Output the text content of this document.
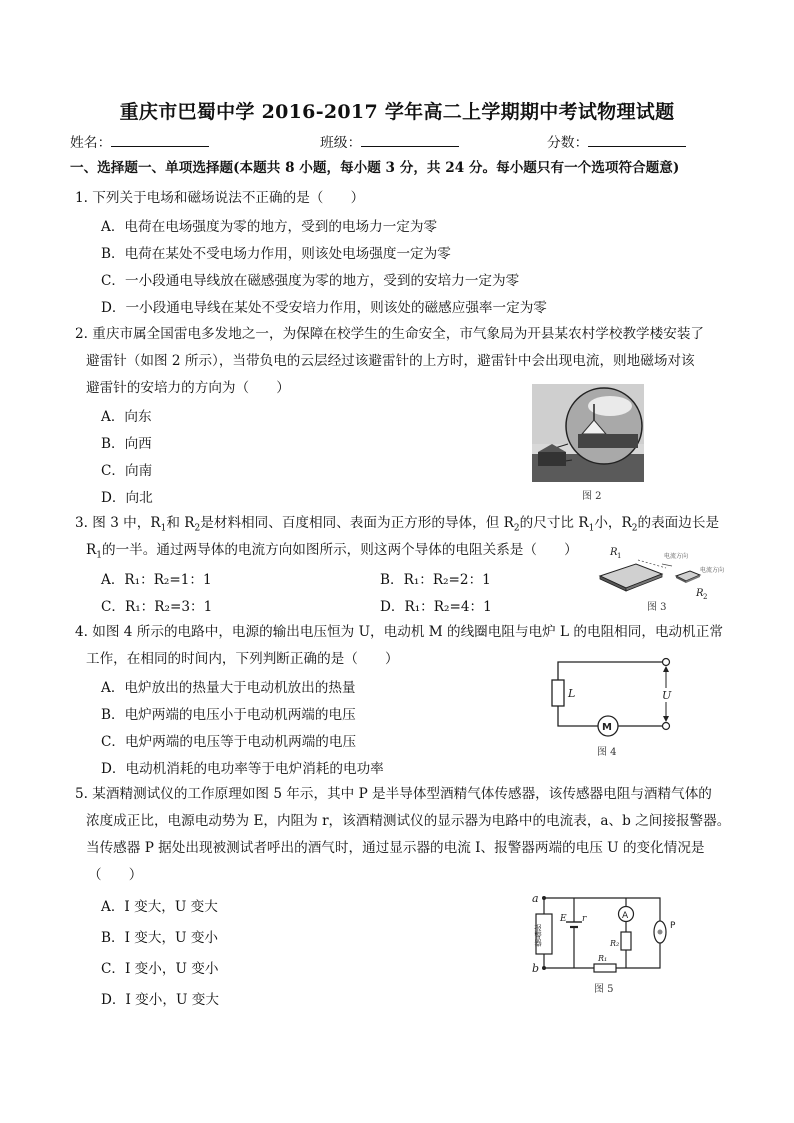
重庆市巴蜀中学 2016-2017 学年高二上学期期中考试物理试题
姓名：	班级：	分数：
一、选择题一、单项选择题(本题共 8 小题，每小题 3 分，共 24 分。每小题只有一个选项符合题意)
1. 下列关于电场和磁场说法不正确的是（　　）
A．电荷在电场强度为零的地方，受到的电场力一定为零
B．电荷在某处不受电场力作用，则该处电场强度一定为零
C．一小段通电导线放在磁感强度为零的地方，受到的安培力一定为零
D．一小段通电导线在某处不受安培力作用，则该处的磁感应强率一定为零
2. 重庆市属全国雷电多发地之一，为保障在校学生的生命安全，市气象局为开县某农村学校教学楼安装了
避雷针（如图 2 所示），当带负电的云层经过该避雷针的上方时，避雷针中会出现电流，则地磁场对该
避雷针的安培力的方向为（　　）
A．向东
B．向西
C．向南
D．向北	图 2
3. 图 3 中，$R_1$和 $R_2$是材料相同、百度相同、表面为正方形的导体，但 $R_2$的尺寸比 $R_1$小，$R_2$的表面边长是
$R_1$的一半。通过两导体的电流方向如图所示，则这两个导体的电阻关系是（　　）
A．R₁：R₂=1：1	B．R₁：R₂=2：1
C．R₁：R₂=3：1	D．R₁：R₂=4：1
R 1	电流方向
电流方向
R 2
图 3
4. 如图 4 所示的电路中，电源的输出电压恒为 U，电动机 M 的线圈电阻与电炉 L 的电阻相同，电动机正常
工作，在相同的时间内，下列判断正确的是（　　）
A．电炉放出的热量大于电动机放出的热量
B．电炉两端的电压小于电动机两端的电压
C．电炉两端的电压等于电动机两端的电压
D．电动机消耗的电功率等于电炉消耗的电功率
L
M
U
图 4
5. 某酒精测试仪的工作原理如图 5 年示，其中 P 是半导体型酒精气体传感器，该传感器电阻与酒精气体的
浓度成正比，电源电动势为 E，内阻为 r，该酒精测试仪的显示器为电路中的电流表，a、b 之间接报警器。
当传感器 P 据处出现被测试者呼出的酒气时，通过显示器的电流 I、报警器两端的电压 U 的变化情况是
（　　）
A．I 变大，U 变大
B．I 变大，U 变小
C．I 变小，U 变小
D．I 变小，U 变大
a
b
报警器
E r	A
R₂
R₁
P
图 5
